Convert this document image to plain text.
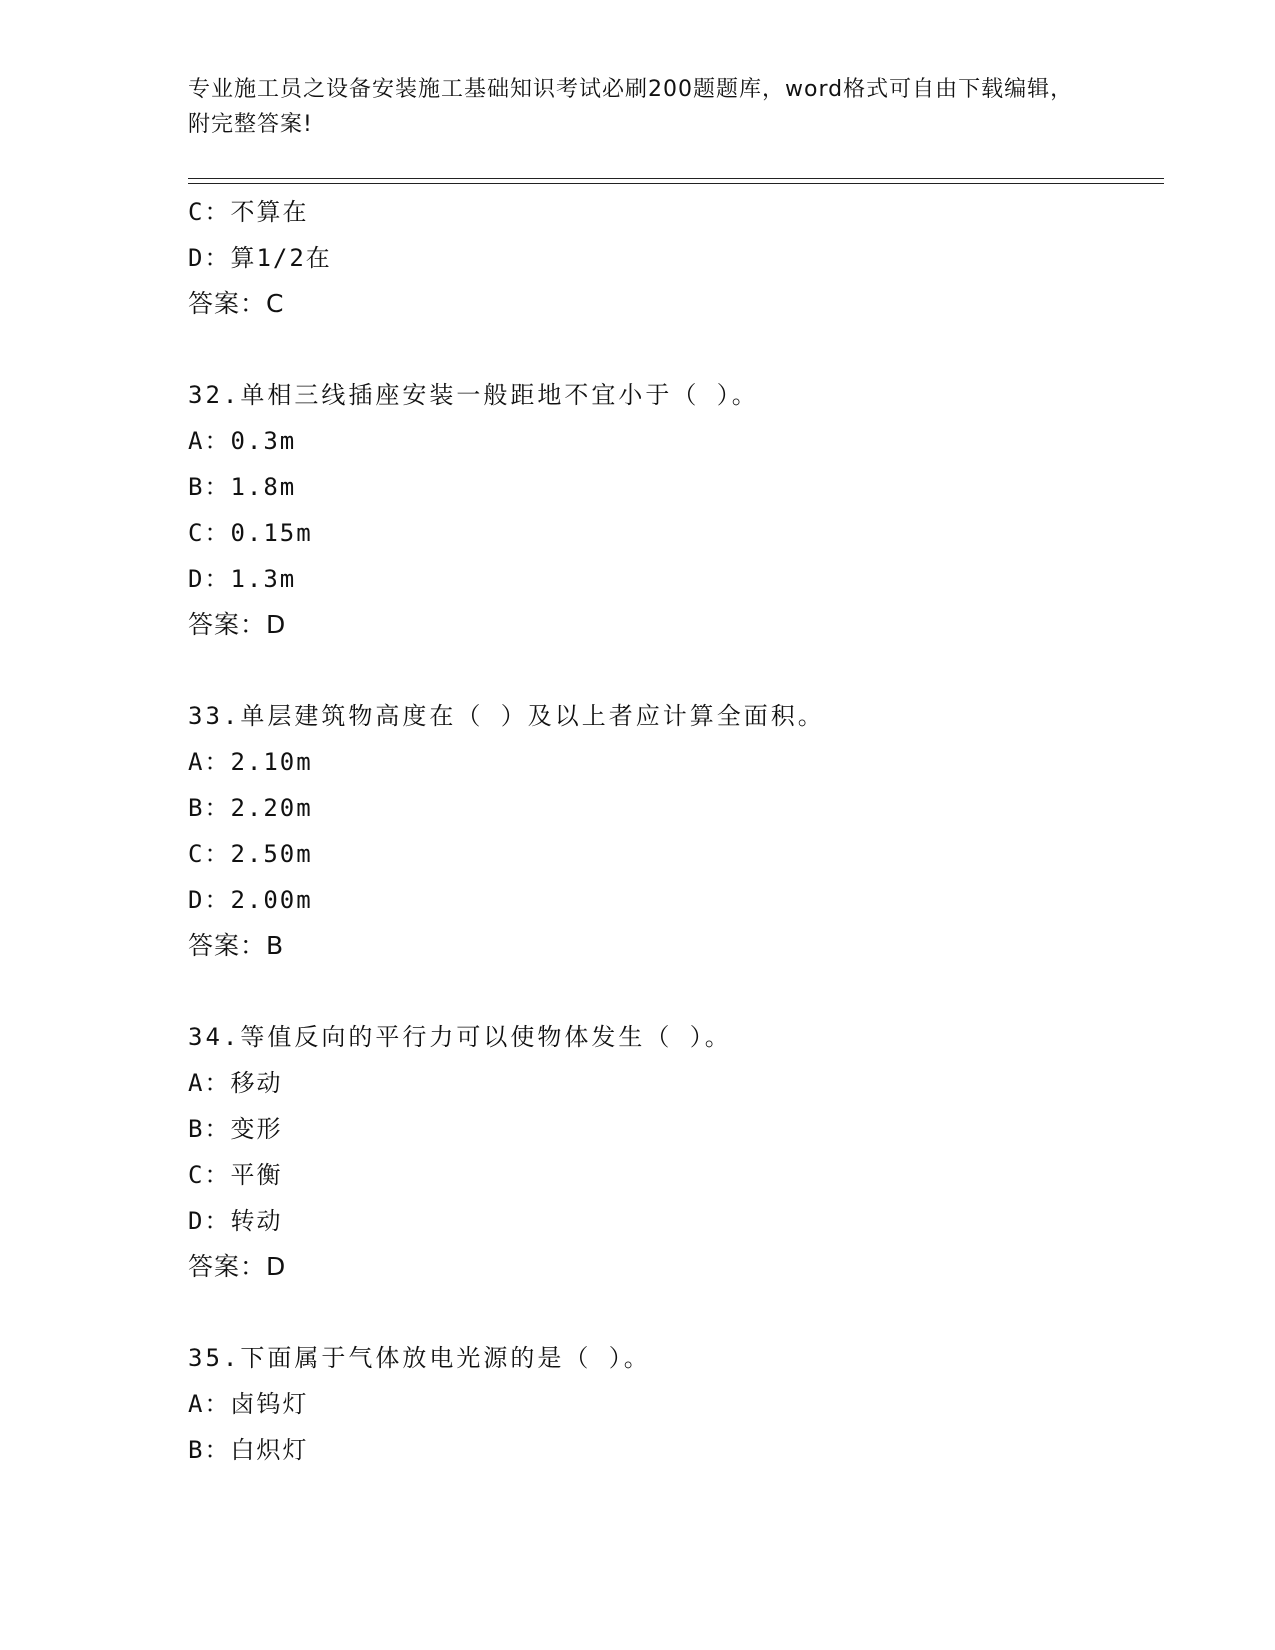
专业施工员之设备安装施工基础知识考试必刷200题题库，word格式可自由下载编辑，附完整答案!

C：不算在

D：算1/2在

答案：C

32.单相三线插座安装一般距地不宜小于（ ）。

A：0.3m

B：1.8m

C：0.15m

D：1.3m

答案：D

33.单层建筑物高度在（ ）及以上者应计算全面积。

A：2.10m

B：2.20m

C：2.50m

D：2.00m

答案：B

34.等值反向的平行力可以使物体发生（ ）。

A：移动

B：变形

C：平衡

D：转动

答案：D

35.下面属于气体放电光源的是（ ）。

A：卤钨灯

B：白炽灯
